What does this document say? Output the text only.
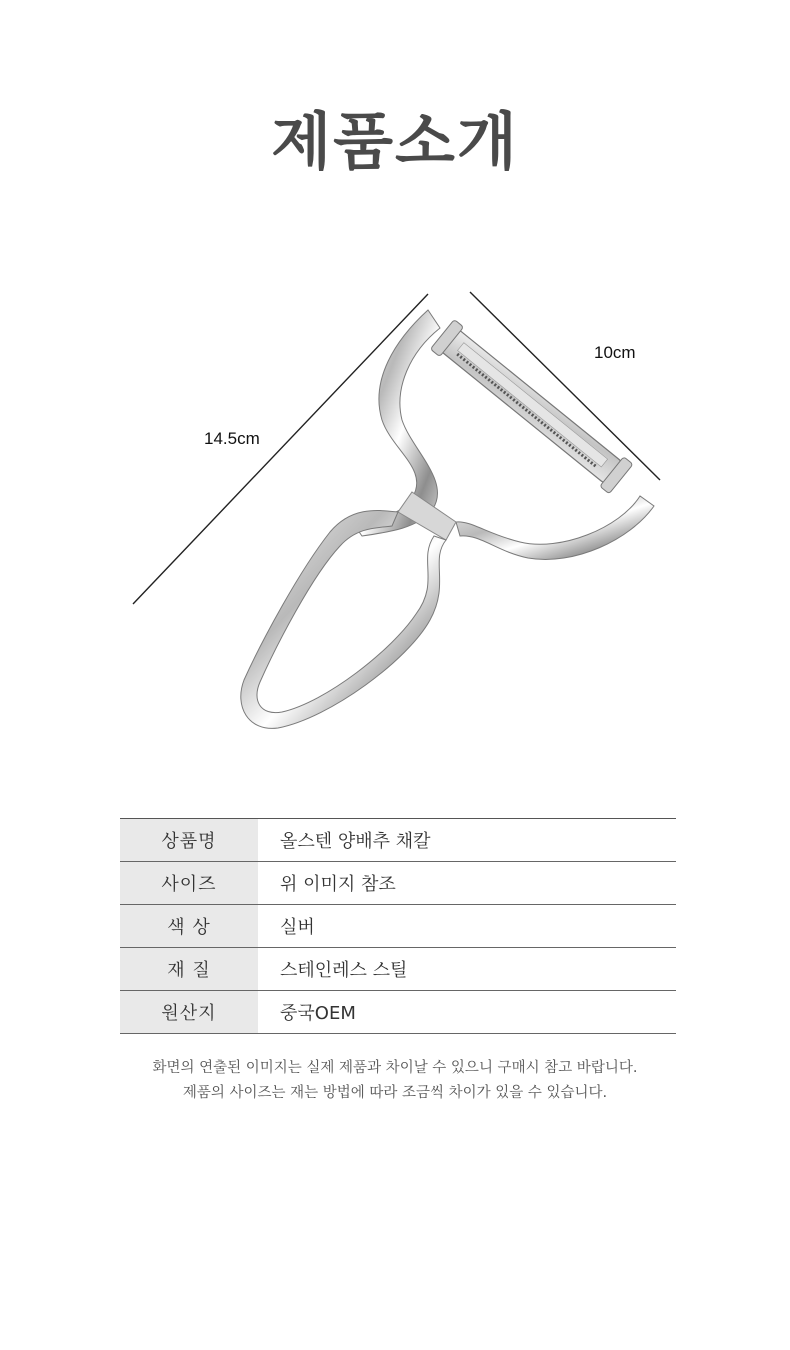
제품소개
10cm
14.5cm
상품명	올스텐 양배추 채칼
사이즈	위 이미지 참조
색 상	실버
재 질	스테인레스 스틸
원산지	중국OEM
화면의 연출된 이미지는 실제 제품과 차이날 수 있으니 구매시 참고 바랍니다.
제품의 사이즈는 재는 방법에 따라 조금씩 차이가 있을 수 있습니다.
